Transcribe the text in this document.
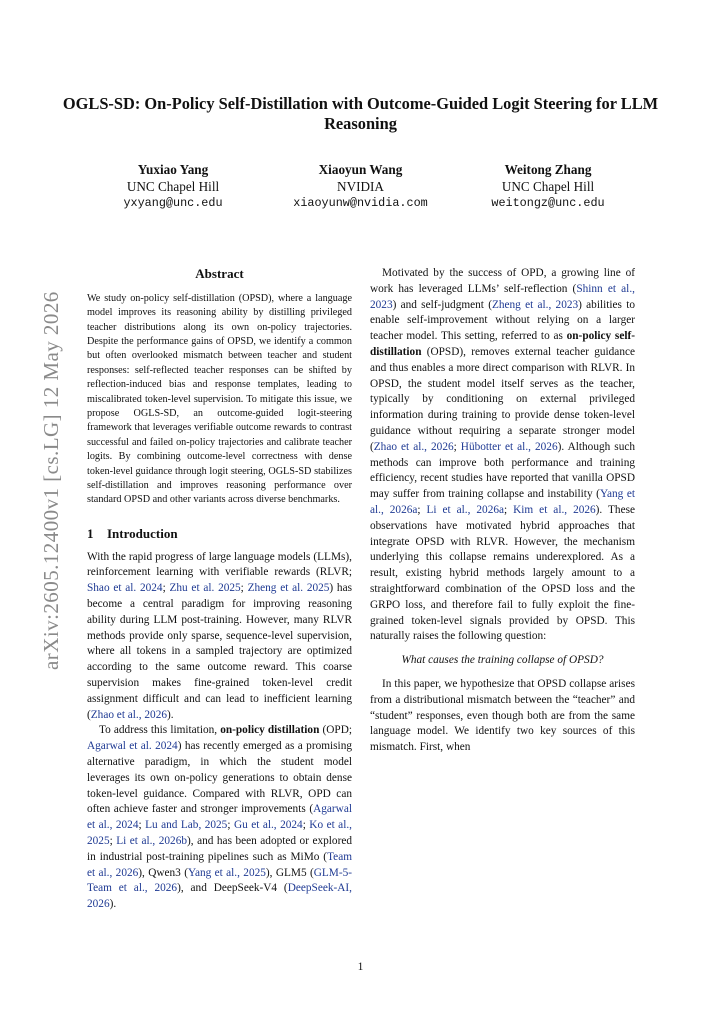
OGLS-SD: On-Policy Self-Distillation with Outcome-Guided Logit Steering for LLM Reasoning
Yuxiao Yang
UNC Chapel Hill
yxyang@unc.edu
Xiaoyun Wang
NVIDIA
xiaoyunw@nvidia.com
Weitong Zhang
UNC Chapel Hill
weitongz@unc.edu
arXiv:2605.12400v1 [cs.LG] 12 May 2026
Abstract

We study on-policy self-distillation (OPSD), where a language model improves its reasoning ability by distilling privileged teacher distributions along its own on-policy trajectories. Despite the performance gains of OPSD, we identify a common but often overlooked mismatch between teacher and student responses: self-reflected teacher responses can be shifted by reflection-induced bias and response templates, leading to miscalibrated token-level supervision. To mitigate this issue, we propose OGLS-SD, an outcome-guided logit-steering framework that leverages verifiable outcome rewards to contrast successful and failed on-policy trajectories and calibrate teacher logits. By combining outcome-level correctness with dense token-level guidance through logit steering, OGLS-SD stabilizes self-distillation and improves reasoning performance over standard OPSD and other variants across diverse benchmarks.

1 Introduction

With the rapid progress of large language models (LLMs), reinforcement learning with verifiable rewards (RLVR; Shao et al. 2024; Zhu et al. 2025; Zheng et al. 2025) has become a central paradigm for improving reasoning ability during LLM post-training. However, many RLVR methods provide only sparse, sequence-level supervision, where all tokens in a sampled trajectory are optimized according to the same outcome reward. This coarse supervision makes fine-grained token-level credit assignment difficult and can lead to inefficient learning (Zhao et al., 2026).

To address this limitation, on-policy distillation (OPD; Agarwal et al. 2024) has recently emerged as a promising alternative paradigm, in which the student model leverages its own on-policy generations to obtain dense token-level guidance. Compared with RLVR, OPD can often achieve faster and stronger improvements (Agarwal et al., 2024; Lu and Lab, 2025; Gu et al., 2024; Ko et al., 2025; Li et al., 2026b), and has been adopted or explored in industrial post-training pipelines such as MiMo (Team et al., 2026), Qwen3 (Yang et al., 2025), GLM5 (GLM-5-Team et al., 2026), and DeepSeek-V4 (DeepSeek-AI, 2026).

Motivated by the success of OPD, a growing line of work has leveraged LLMs’ self-reflection (Shinn et al., 2023) and self-judgment (Zheng et al., 2023) abilities to enable self-improvement without relying on a larger teacher model. This setting, referred to as on-policy self-distillation (OPSD), removes external teacher guidance and thus enables a more direct comparison with RLVR. In OPSD, the student model itself serves as the teacher, typically by conditioning on external privileged information during training to provide dense token-level guidance without requiring a separate stronger model (Zhao et al., 2026; Hübotter et al., 2026). Although such methods can improve both performance and training efficiency, recent studies have reported that vanilla OPSD may suffer from training collapse and instability (Yang et al., 2026a; Li et al., 2026a; Kim et al., 2026). These observations have motivated hybrid approaches that integrate OPSD with RLVR. However, the mechanism underlying this collapse remains underexplored. As a result, existing hybrid methods largely amount to a straightforward combination of the OPSD loss and the GRPO loss, and therefore fail to fully exploit the fine-grained token-level signals provided by OPSD. This naturally raises the following question:

What causes the training collapse of OPSD?

In this paper, we hypothesize that OPSD collapse arises from a distributional mismatch between the “teacher” and “student” responses, even though both are from the same language model. We identify two key sources of this mismatch. First, when

1
